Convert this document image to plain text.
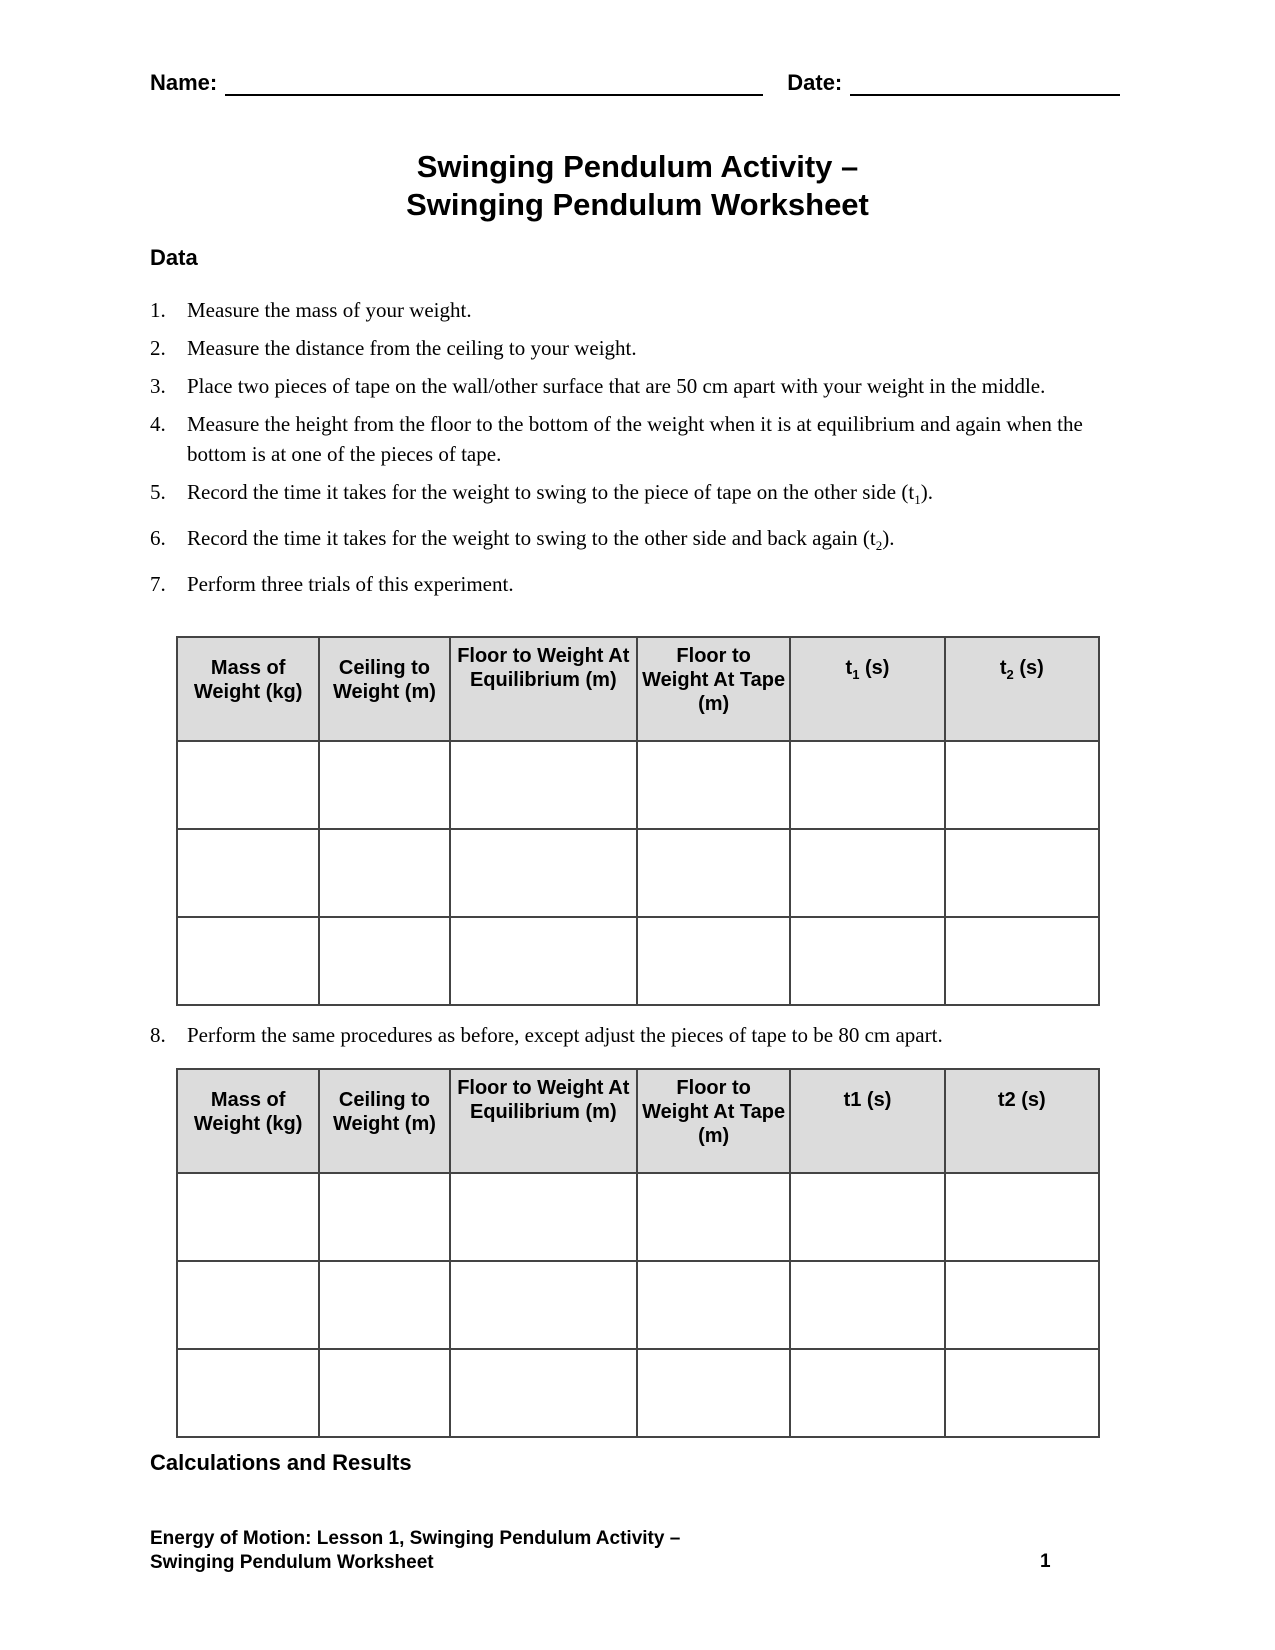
Name:	Date:
Swinging Pendulum Activity –
Swinging Pendulum Worksheet
Data
1.	Measure the mass of your weight.
2.	Measure the distance from the ceiling to your weight.
3.	Place two pieces of tape on the wall/other surface that are 50 cm apart with your weight in the middle.
4.	Measure the height from the floor to the bottom of the weight when it is at equilibrium and again when the bottom is at one of the pieces of tape.
5.	Record the time it takes for the weight to swing to the piece of tape on the other side $(t_1)$.
6.	Record the time it takes for the weight to swing to the other side and back again $(t_2)$.
7.	Perform three trials of this experiment.
Mass of Weight (kg)	Ceiling to Weight (m)	Floor to Weight At Equilibrium (m)	Floor to Weight At Tape (m)	$t_1$ (s)	$t_2$ (s)

8.	Perform the same procedures as before, except adjust the pieces of tape to be 80 cm apart.
Mass of Weight (kg)	Ceiling to Weight (m)	Floor to Weight At Equilibrium (m)	Floor to Weight At Tape (m)	t1 (s)	t2 (s)

Calculations and Results
Energy of Motion: Lesson 1, Swinging Pendulum Activity –
Swinging Pendulum Worksheet	1
